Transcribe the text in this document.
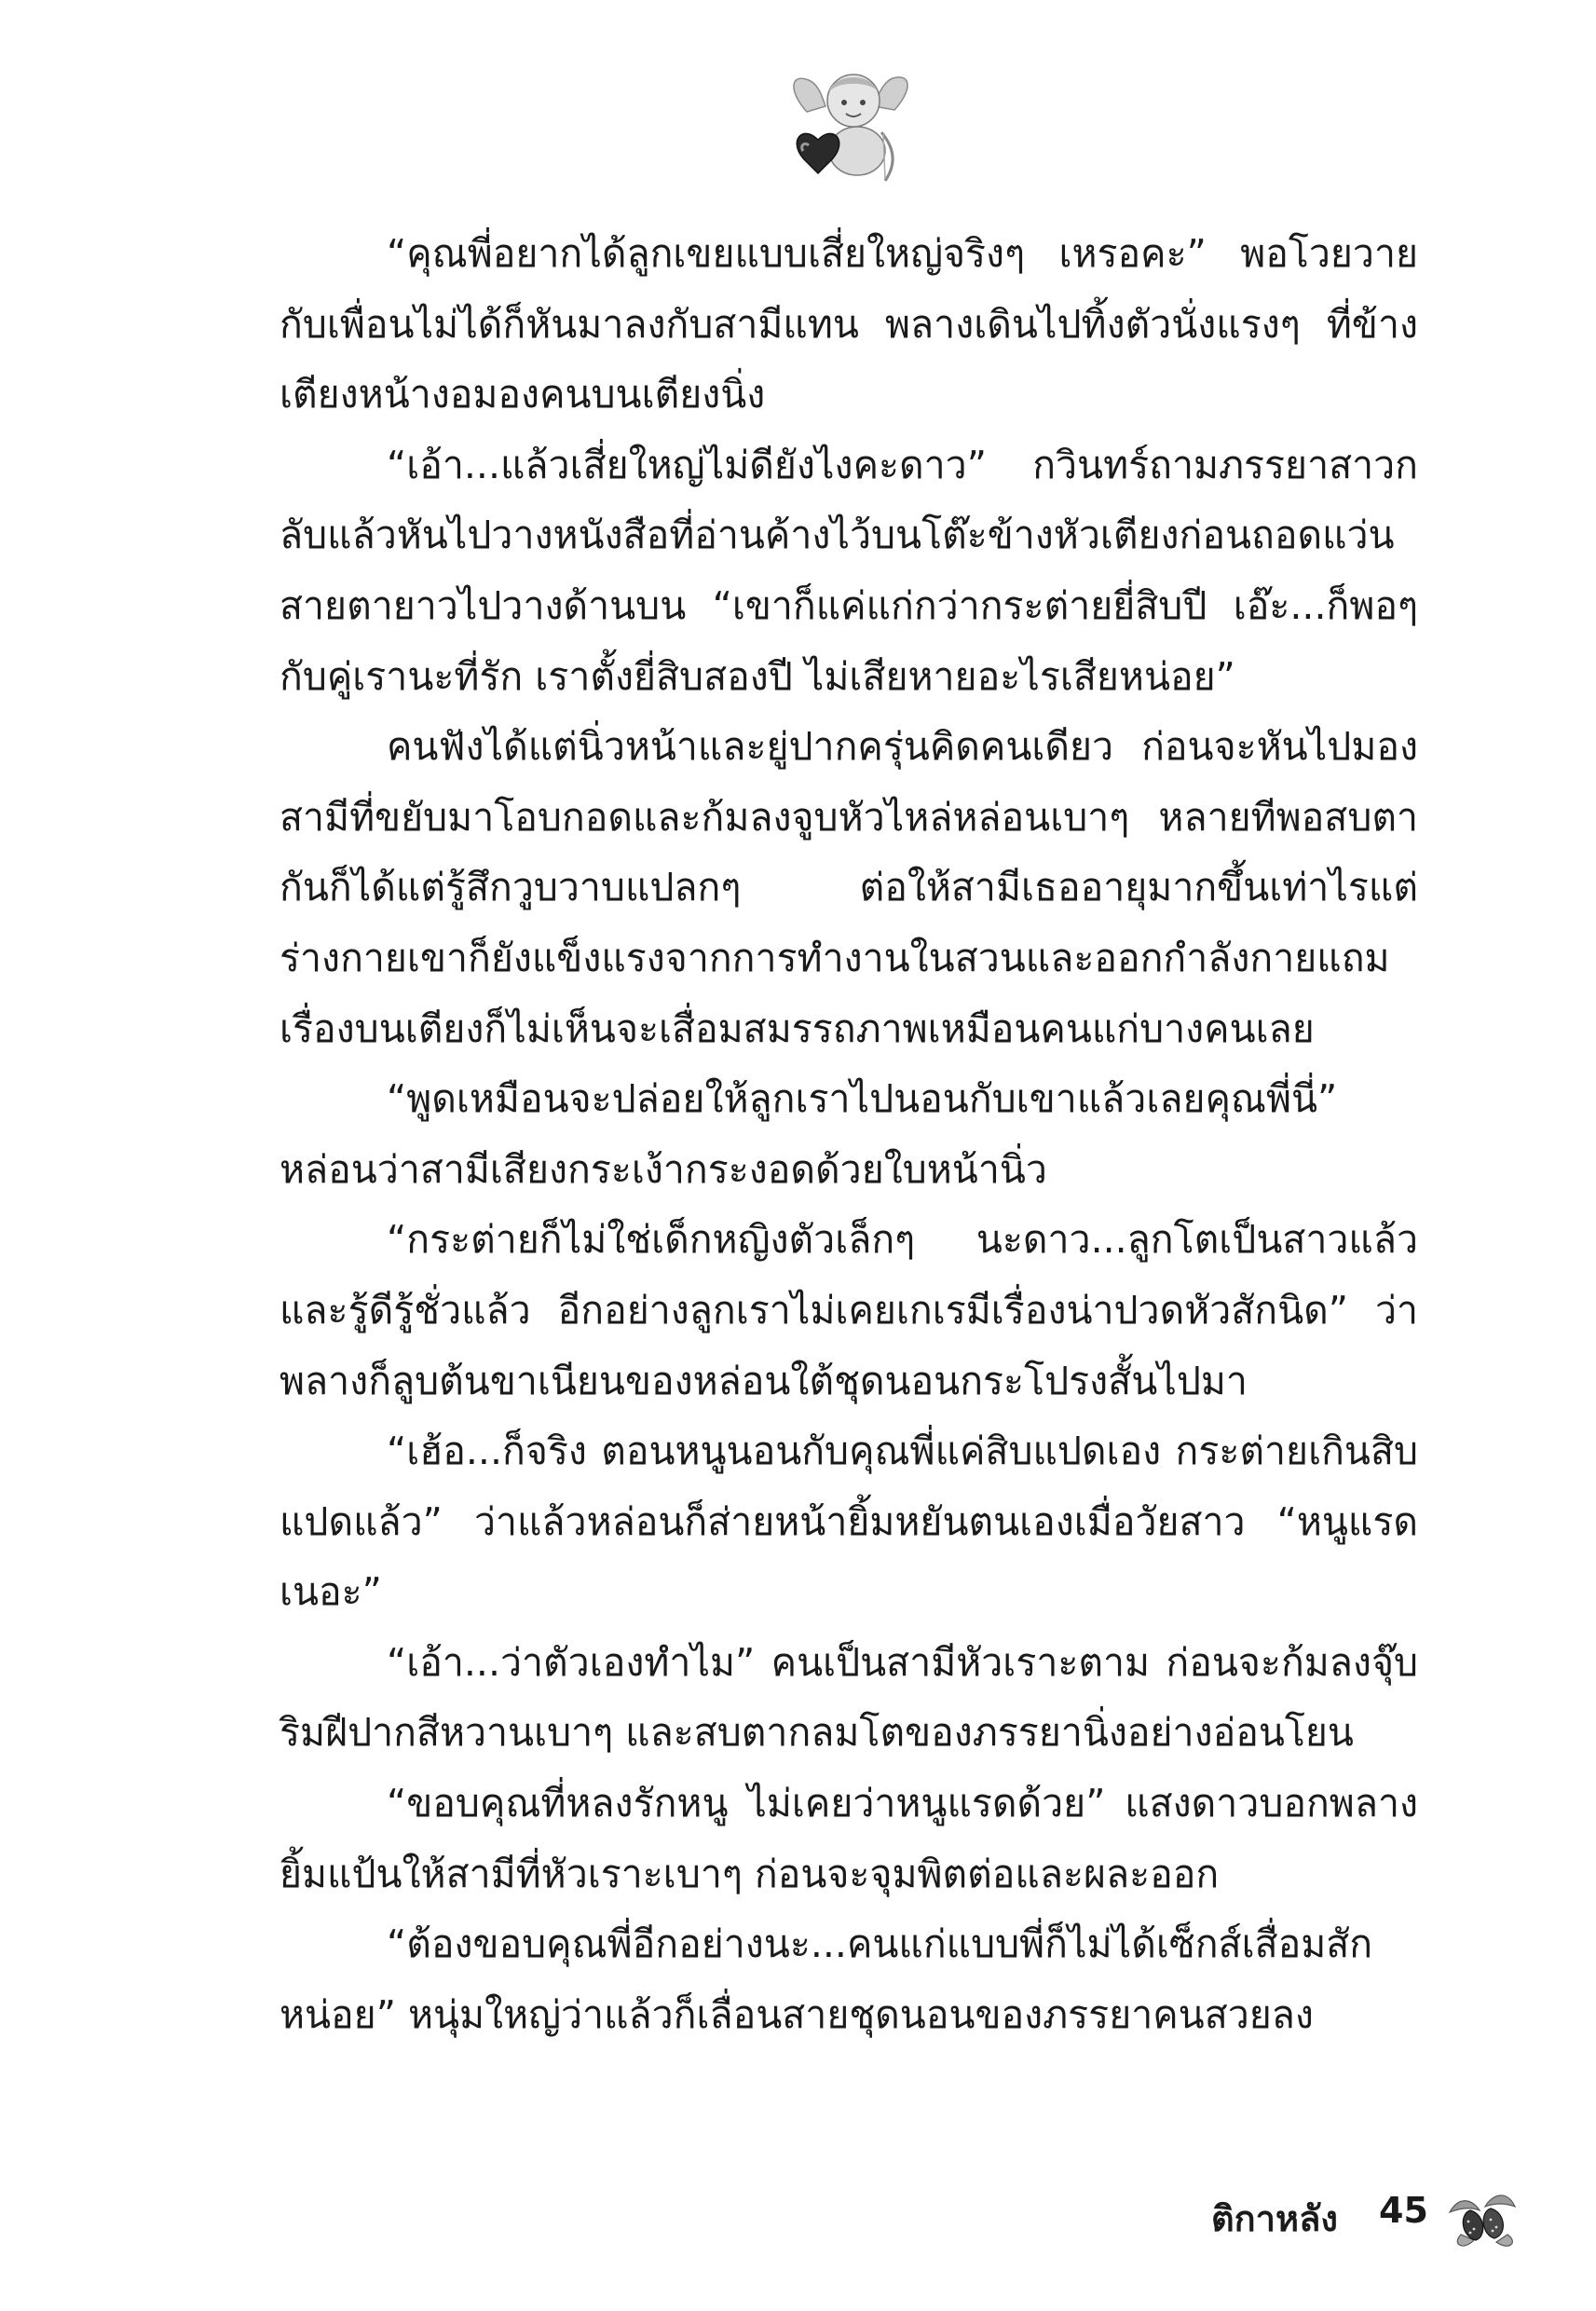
“คุณพี่อยากได้ลูกเขยแบบเสี่ยใหญ่จริงๆ เหรอคะ” พอโวยวายกับเพื่อนไม่ได้ก็หันมาลงกับสามีแทน พลางเดินไปทิ้งตัวนั่งแรงๆ ที่ข้างเตียงหน้างอมองคนบนเตียงนิ่ง

“เอ้า...แล้วเสี่ยใหญ่ไม่ดียังไงคะดาว” กวินทร์ถามภรรยาสาวกลับแล้วหันไปวางหนังสือที่อ่านค้างไว้บนโต๊ะข้างหัวเตียงก่อนถอดแว่นสายตายาวไปวางด้านบน “เขาก็แค่แก่กว่ากระต่ายยี่สิบปี เอ๊ะ...ก็พอๆ กับคู่เรานะที่รัก เราตั้งยี่สิบสองปี ไม่เสียหายอะไรเสียหน่อย”

คนฟังได้แต่นิ่วหน้าและยู่ปากครุ่นคิดคนเดียว ก่อนจะหันไปมองสามีที่ขยับมาโอบกอดและก้มลงจูบหัวไหล่หล่อนเบาๆ หลายทีพอสบตากันก็ได้แต่รู้สึกวูบวาบแปลกๆ ต่อให้สามีเธออายุมากขึ้นเท่าไรแต่ร่างกายเขาก็ยังแข็งแรงจากการทำงานในสวนและออกกำลังกายแถมเรื่องบนเตียงก็ไม่เห็นจะเสื่อมสมรรถภาพเหมือนคนแก่บางคนเลย

“พูดเหมือนจะปล่อยให้ลูกเราไปนอนกับเขาแล้วเลยคุณพี่นี่” หล่อนว่าสามีเสียงกระเง้ากระงอดด้วยใบหน้านิ่ว

“กระต่ายก็ไม่ใช่เด็กหญิงตัวเล็กๆ นะดาว...ลูกโตเป็นสาวแล้วและรู้ดีรู้ชั่วแล้ว อีกอย่างลูกเราไม่เคยเกเรมีเรื่องน่าปวดหัวสักนิด” ว่าพลางก็ลูบต้นขาเนียนของหล่อนใต้ชุดนอนกระโปรงสั้นไปมา

“เฮ้อ...ก็จริง ตอนหนูนอนกับคุณพี่แค่สิบแปดเอง กระต่ายเกินสิบแปดแล้ว” ว่าแล้วหล่อนก็ส่ายหน้ายิ้มหยันตนเองเมื่อวัยสาว “หนูแรดเนอะ”

“เอ้า...ว่าตัวเองทำไม” คนเป็นสามีหัวเราะตาม ก่อนจะก้มลงจุ๊บริมฝีปากสีหวานเบาๆ และสบตากลมโตของภรรยานิ่งอย่างอ่อนโยน

“ขอบคุณที่หลงรักหนู ไม่เคยว่าหนูแรดด้วย” แสงดาวบอกพลางยิ้มแป้นให้สามีที่หัวเราะเบาๆ ก่อนจะจุมพิตต่อและผละออก

“ต้องขอบคุณพี่อีกอย่างนะ...คนแก่แบบพี่ก็ไม่ได้เซ็กส์เสื่อมสักหน่อย” หนุ่มใหญ่ว่าแล้วก็เลื่อนสายชุดนอนของภรรยาคนสวยลง

ติกาหลัง 45
